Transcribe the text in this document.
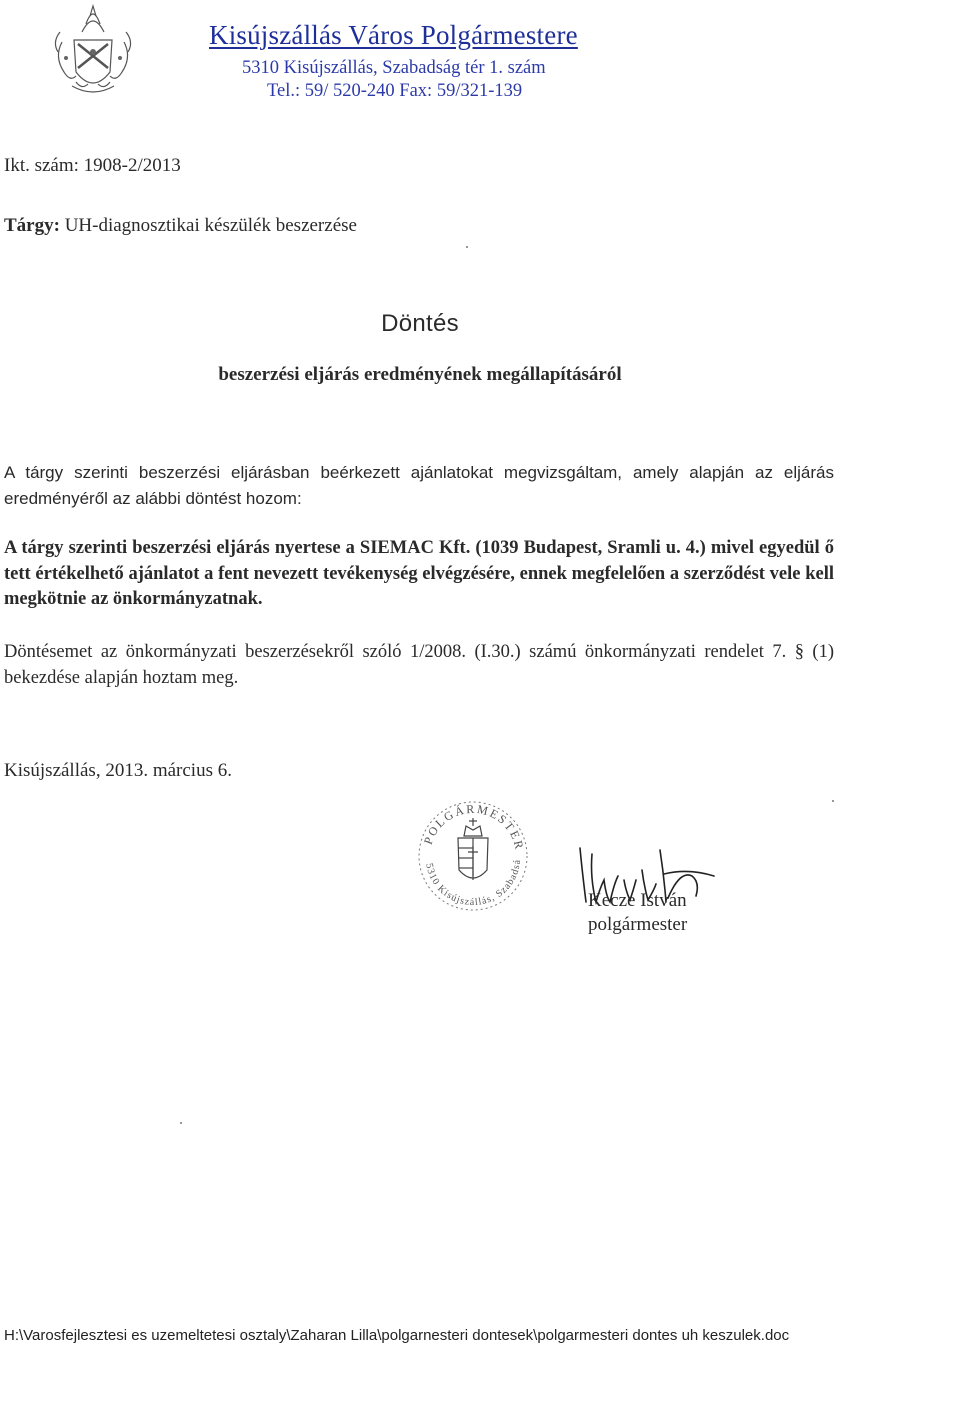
Kisújszállás Város Polgármestere
5310 Kisújszállás, Szabadság tér 1. szám
Tel.: 59/ 520-240 Fax: 59/321-139
Ikt. szám: 1908-2/2013
Tárgy: UH-diagnosztikai készülék beszerzése
Döntés
beszerzési eljárás eredményének megállapításáról
A tárgy szerinti beszerzési eljárásban beérkezett ajánlatokat megvizsgáltam, amely alapján az eljárás eredményéről az alábbi döntést hozom:
A tárgy szerinti beszerzési eljárás nyertese a SIEMAC Kft. (1039 Budapest, Sramli u. 4.) mivel egyedül ő tett értékelhető ajánlatot a fent nevezett tevékenység elvégzésére, ennek megfelelően a szerződést vele kell megkötnie az önkormányzatnak.
Döntésemet az önkormányzati beszerzésekről szóló 1/2008. (I.30.) számú önkormányzati rendelet 7. § (1) bekezdése alapján hoztam meg.
Kisújszállás, 2013. március 6.
POLGÁRMESTER
5310 Kisújszállás, Szabadsá
Kecze István
polgármester
H:\Varosfejlesztesi es uzemeltetesi osztaly\Zaharan Lilla\polgarnesteri dontesek\polgarmesteri dontes uh keszulek.doc
